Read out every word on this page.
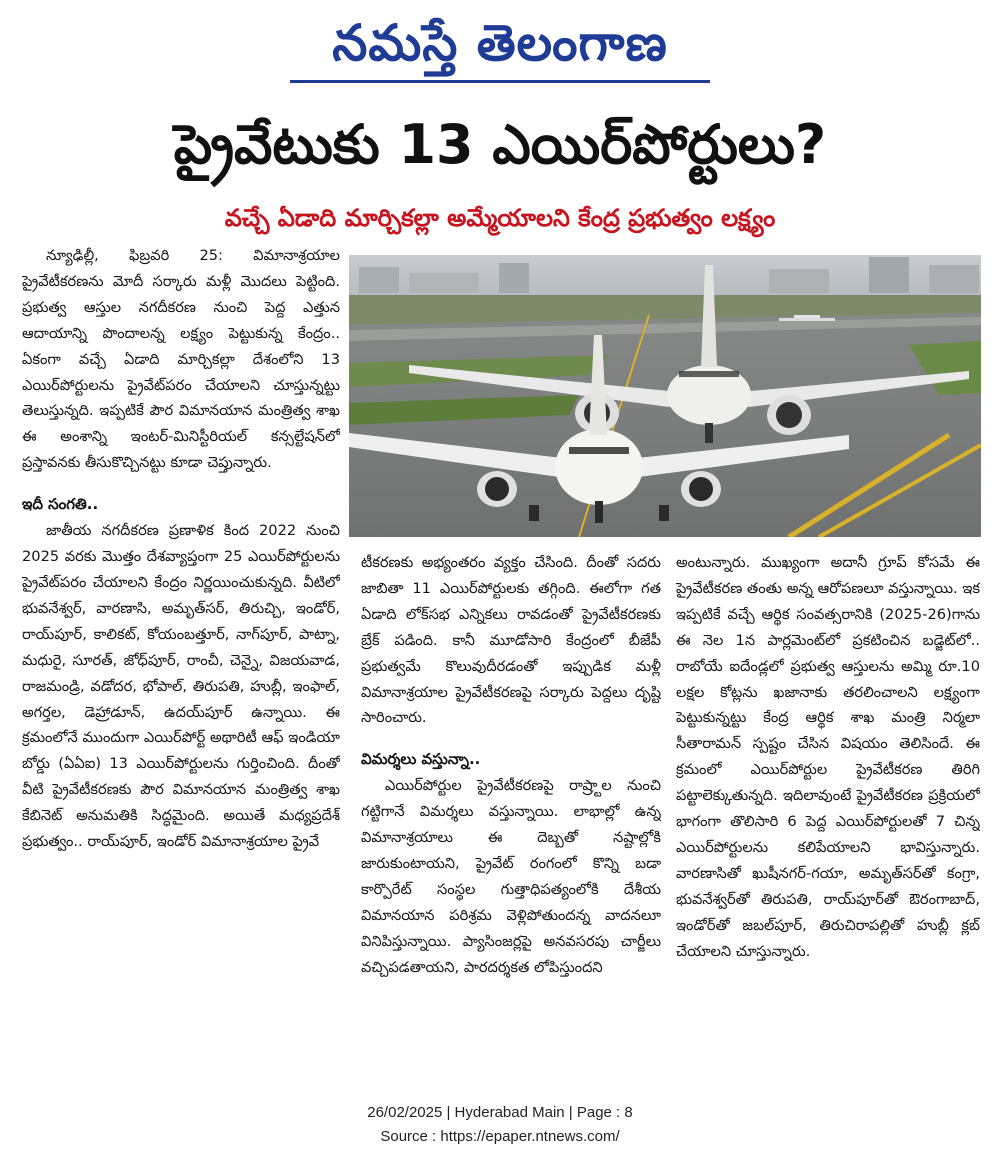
నమస్తే తెలంగాణ
ప్రైవేటుకు 13 ఎయిర్‌పోర్టులు?
వచ్చే ఏడాది మార్చికల్లా అమ్మేయాలని కేంద్ర ప్రభుత్వం లక్ష్యం

న్యూఢిల్లీ, ఫిబ్రవరి 25: విమానాశ్రయాల ప్రైవేటీకరణను మోదీ సర్కారు మళ్లీ మొదలు పెట్టింది. ప్రభుత్వ ఆస్తుల నగదీకరణ నుంచి పెద్ద ఎత్తున ఆదాయాన్ని పొందాలన్న లక్ష్యం పెట్టుకున్న కేంద్రం.. ఏకంగా వచ్చే ఏడాది మార్చికల్లా దేశంలోని 13 ఎయిర్‌పోర్టులను ప్రైవేట్‌పరం చేయాలని చూస్తున్నట్టు తెలుస్తున్నది. ఇప్పటికే పౌర విమానయాన మంత్రిత్వ శాఖ ఈ అంశాన్ని ఇంటర్-మినిస్టీరియల్ కన్సల్టేషన్‌లో ప్రస్తావనకు తీసుకొచ్చినట్టు కూడా చెప్తున్నారు.

ఇదీ సంగతి..

జాతీయ నగదీకరణ ప్రణాళిక కింద 2022 నుంచి 2025 వరకు మొత్తం దేశవ్యాప్తంగా 25 ఎయిర్‌పోర్టులను ప్రైవేట్‌పరం చేయాలని కేంద్రం నిర్ణయించుకున్నది. వీటిలో భువనేశ్వర్, వారణాసి, అమృత్‌సర్, తిరుచ్చి, ఇండోర్, రాయ్‌పూర్, కాలికట్, కోయంబత్తూర్, నాగ్‌పూర్, పాట్నా, మధురై, సూరత్, జోధ్‌పూర్, రాంచీ, చెన్నై, విజయవాడ, రాజమండ్రి, వడోదర, భోపాల్, తిరుపతి, హుబ్లీ, ఇంఫాల్, అగర్తల, డెహ్రాడూన్, ఉదయ్‌పూర్ ఉన్నాయి. ఈ క్రమంలోనే ముందుగా ఎయిర్‌పోర్ట్ అథారిటీ ఆఫ్ ఇండియా బోర్డు (ఏఏఐ) 13 ఎయిర్‌పోర్టులను గుర్తించింది. దీంతో వీటి ప్రైవేటీకరణకు పౌర విమానయాన మంత్రిత్వ శాఖ కేబినెట్ అనుమతికి సిద్ధమైంది. అయితే మధ్యప్రదేశ్ ప్రభుత్వం.. రాయ్‌పూర్, ఇండోర్ విమానాశ్రయాల ప్రైవే

టీకరణకు అభ్యంతరం వ్యక్తం చేసింది. దీంతో సదరు జాబితా 11 ఎయిర్‌పోర్టులకు తగ్గింది. ఈలోగా గత ఏడాది లోక్‌సభ ఎన్నికలు రావడంతో ప్రైవేటీకరణకు బ్రేక్ పడింది. కానీ మూడోసారి కేంద్రంలో బీజేపీ ప్రభుత్వమే కొలువుదీరడంతో ఇప్పుడిక మళ్లీ విమానాశ్రయాల ప్రైవేటీకరణపై సర్కారు పెద్దలు దృష్టి సారించారు.

విమర్శలు వస్తున్నా..

ఎయిర్‌పోర్టుల ప్రైవేటీకరణపై రాష్ర్టాల నుంచి గట్టిగానే విమర్శలు వస్తున్నాయి. లాభాల్లో ఉన్న విమానాశ్రయాలు ఈ దెబ్బతో నష్టాల్లోకి జారుకుంటాయని, ప్రైవేట్ రంగంలో కొన్ని బడా కార్పొరేట్ సంస్థల గుత్తాధిపత్యంలోకి దేశీయ విమానయాన పరిశ్రమ వెళ్లిపోతుందన్న వాదనలూ వినిపిస్తున్నాయి. ప్యాసింజర్లపై అనవసరపు చార్జీలు వచ్చిపడతాయని, పారదర్శకత లోపిస్తుందని

అంటున్నారు. ముఖ్యంగా అదానీ గ్రూప్ కోసమే ఈ ప్రైవేటీకరణ తంతు అన్న ఆరోపణలూ వస్తున్నాయి. ఇక ఇప్పటికే వచ్చే ఆర్థిక సంవత్సరానికి (2025-26)గాను ఈ నెల 1న పార్లమెంట్‌లో ప్రకటించిన బడ్జెట్‌లో.. రాబోయే ఐదేండ్లలో ప్రభుత్వ ఆస్తులను అమ్మి రూ.10 లక్షల కోట్లను ఖజానాకు తరలించాలని లక్ష్యంగా పెట్టుకున్నట్టు కేంద్ర ఆర్థిక శాఖ మంత్రి నిర్మలా సీతారామన్ స్పష్టం చేసిన విషయం తెలిసిందే. ఈ క్రమంలో ఎయిర్‌పోర్టుల ప్రైవేటీకరణ తిరిగి పట్టాలెక్కుతున్నది. ఇదిలావుంటే ప్రైవేటీకరణ ప్రక్రియలో భాగంగా తొలిసారి 6 పెద్ద ఎయిర్‌పోర్టులతో 7 చిన్న ఎయిర్‌పోర్టులను కలిపేయాలని భావిస్తున్నారు. వారణాసితో ఖుషీనగర్-గయా, అమృత్‌సర్‌తో కంగ్రా, భువనేశ్వర్‌తో తిరుపతి, రాయ్‌పూర్‌తో ఔరంగాబాద్, ఇండోర్‌తో జబల్‌పూర్, తిరుచిరాపల్లితో హుబ్లీ క్లబ్ చేయాలని చూస్తున్నారు.

26/02/2025 | Hyderabad Main | Page : 8
Source : https://epaper.ntnews.com/
